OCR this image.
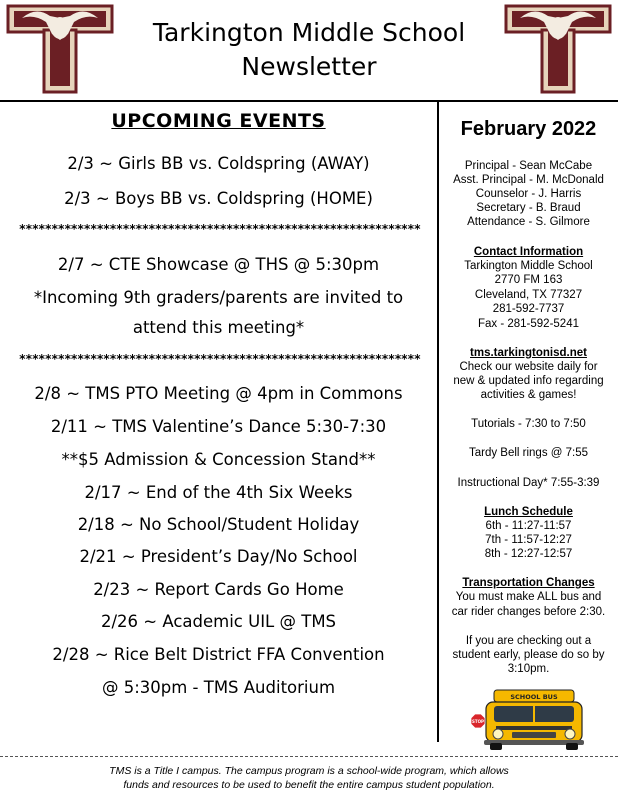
Tarkington Middle School
Newsletter
UPCOMING EVENTS
2/3 ~ Girls BB vs. Coldspring (AWAY)
2/3 ~ Boys BB vs. Coldspring (HOME)
**************************************************************
2/7 ~ CTE Showcase @ THS @ 5:30pm
*Incoming 9th graders/parents are invited to
attend this meeting*
**************************************************************
2/8 ~ TMS PTO Meeting @ 4pm in Commons
2/11 ~ TMS Valentine’s Dance 5:30-7:30
**$5 Admission & Concession Stand**
2/17 ~ End of the 4th Six Weeks
2/18 ~ No School/Student Holiday
2/21 ~ President’s Day/No School
2/23 ~ Report Cards Go Home
2/26 ~ Academic UIL @ TMS
2/28 ~ Rice Belt District FFA Convention
@ 5:30pm - TMS Auditorium
February 2022
Principal - Sean McCabe
Asst. Principal - M. McDonald
Counselor - J. Harris
Secretary - B. Braud
Attendance - S. Gilmore
Contact Information
Tarkington Middle School
2770 FM 163
Cleveland, TX 77327
281-592-7737
Fax - 281-592-5241
tms.tarkingtonisd.net
Check our website daily for
new & updated info regarding
activities & games!
Tutorials - 7:30 to 7:50
Tardy Bell rings @ 7:55
Instructional Day* 7:55-3:39
Lunch Schedule
6th - 11:27-11:57
7th - 11:57-12:27
8th - 12:27-12:57
Transportation Changes
You must make ALL bus and
car rider changes before 2:30.
If you are checking out a
student early, please do so by
3:10pm.
SCHOOL BUS
STOP
TMS is a Title I campus. The campus program is a school-wide program, which allows
funds and resources to be used to benefit the entire campus student population.
